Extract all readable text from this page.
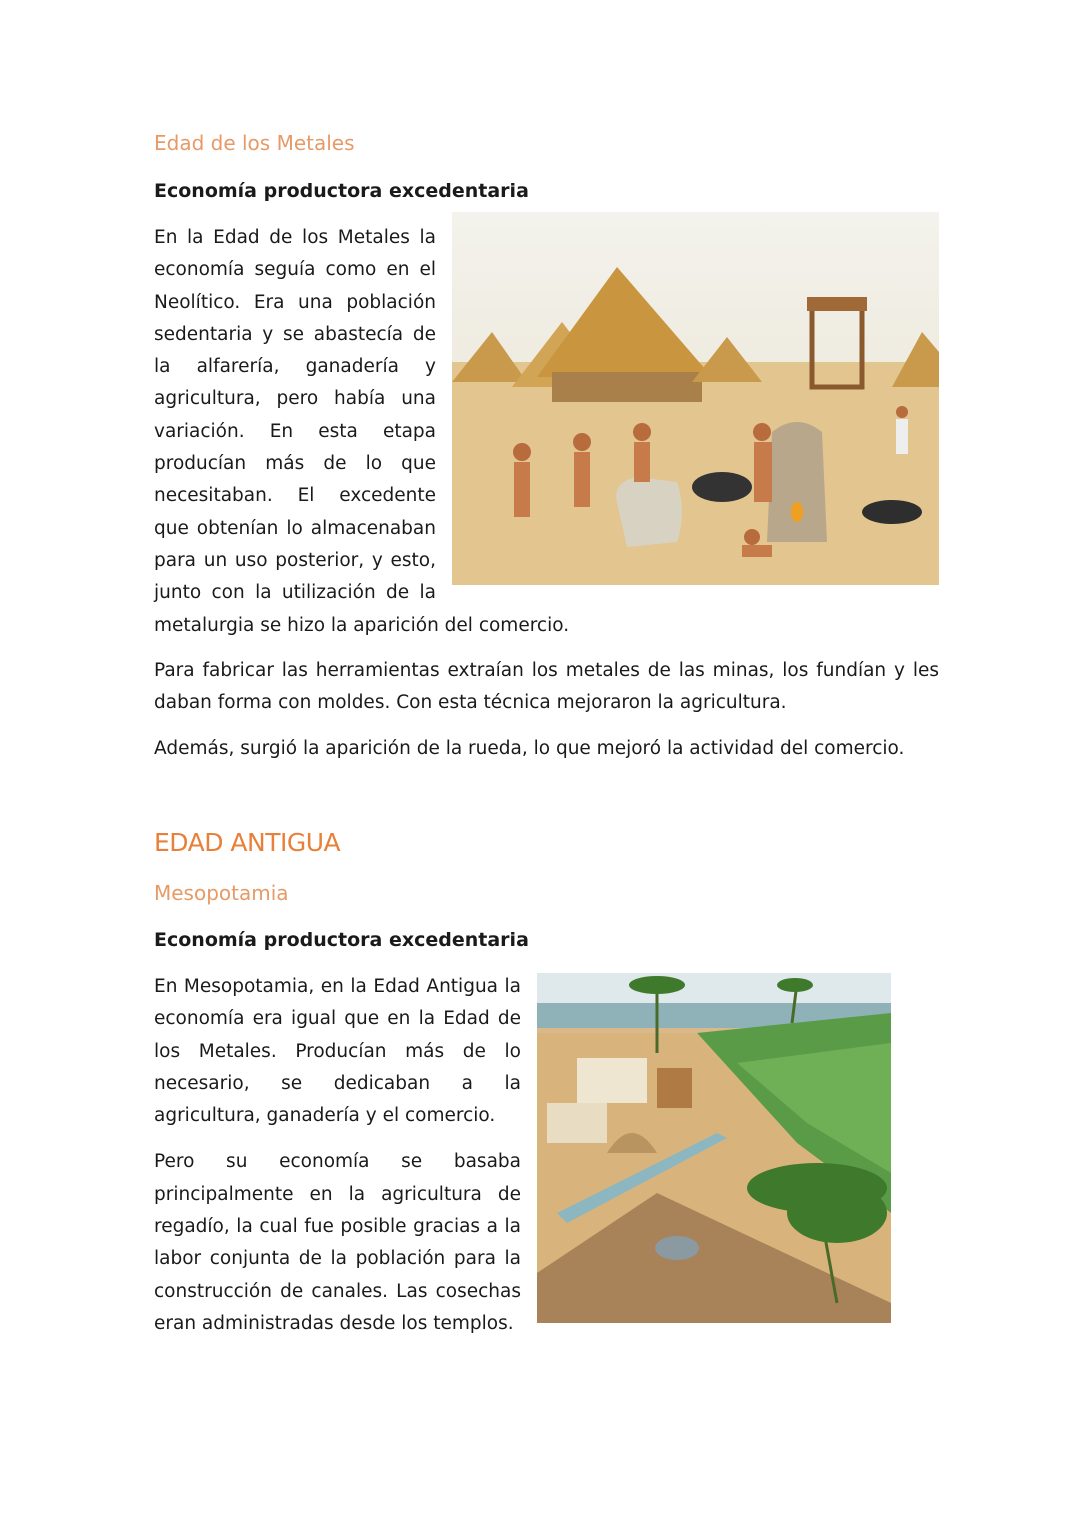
Edad de los Metales
Economía productora excedentaria

En la Edad de los Metales la economía seguía como en el Neolítico. Era una población sedentaria y se abastecía de la alfarería, ganadería y agricultura, pero había una variación. En esta etapa producían más de lo que necesitaban. El excedente que obtenían lo almacenaban para un uso posterior, y esto, junto con la utilización de la metalurgia se hizo la aparición del comercio.

Para fabricar las herramientas extraían los metales de las minas, los fundían y les daban forma con moldes. Con esta técnica mejoraron la agricultura.

Además, surgió la aparición de la rueda, lo que mejoró la actividad del comercio.

EDAD ANTIGUA
Mesopotamia
Economía productora excedentaria

En Mesopotamia, en la Edad Antigua la economía era igual que en la Edad de los Metales. Producían más de lo necesario, se dedicaban a la agricultura, ganadería y el comercio.

Pero su economía se basaba principalmente en la agricultura de regadío, la cual fue posible gracias a la labor conjunta de la población para la construcción de canales. Las cosechas eran administradas desde los templos.
